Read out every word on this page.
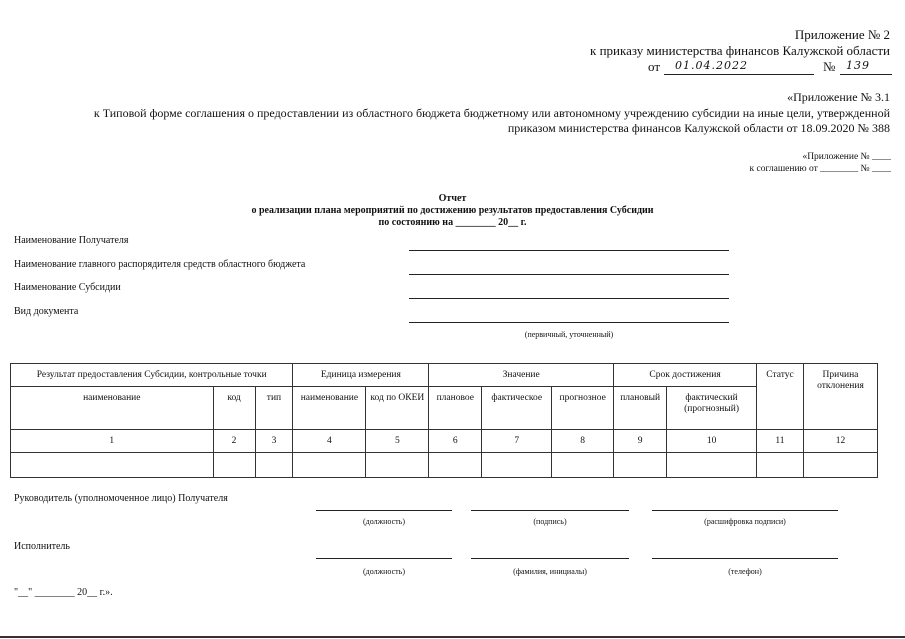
Приложение № 2
к приказу министерства финансов Калужской области
от 01.04.2022	№ 139
«Приложение № 3.1
к Типовой форме соглашения о предоставлении из областного бюджета бюджетному или автономному учреждению субсидии на иные цели, утвержденной
приказом министерства финансов Калужской области от 18.09.2020 № 388
«Приложение № ____
к соглашению от ________ № ____
Отчет
о реализации плана мероприятий по достижению результатов предоставления Субсидии
по состоянию на ________ 20__ г.
Наименование Получателя
Наименование главного распорядителя средств областного бюджета
Наименование Субсидии
Вид документа
(первичный, уточненный)
Результат предоставления Субсидии, контрольные точки			Единица измерения		Значение			Срок достижения		Статус	Причина отклонения
наименование	код	тип	наименование	код по ОКЕИ	плановое	фактическое	прогнозное	плановый	фактический (прогнозный)		
1	2	3	4	5	6	7	8	9	10	11	12

Руководитель (уполномоченное лицо) Получателя
(должность)	(подпись)	(расшифровка подписи)
Исполнитель
(должность)	(фамилия, инициалы)	(телефон)
"__" ________ 20__ г.».
